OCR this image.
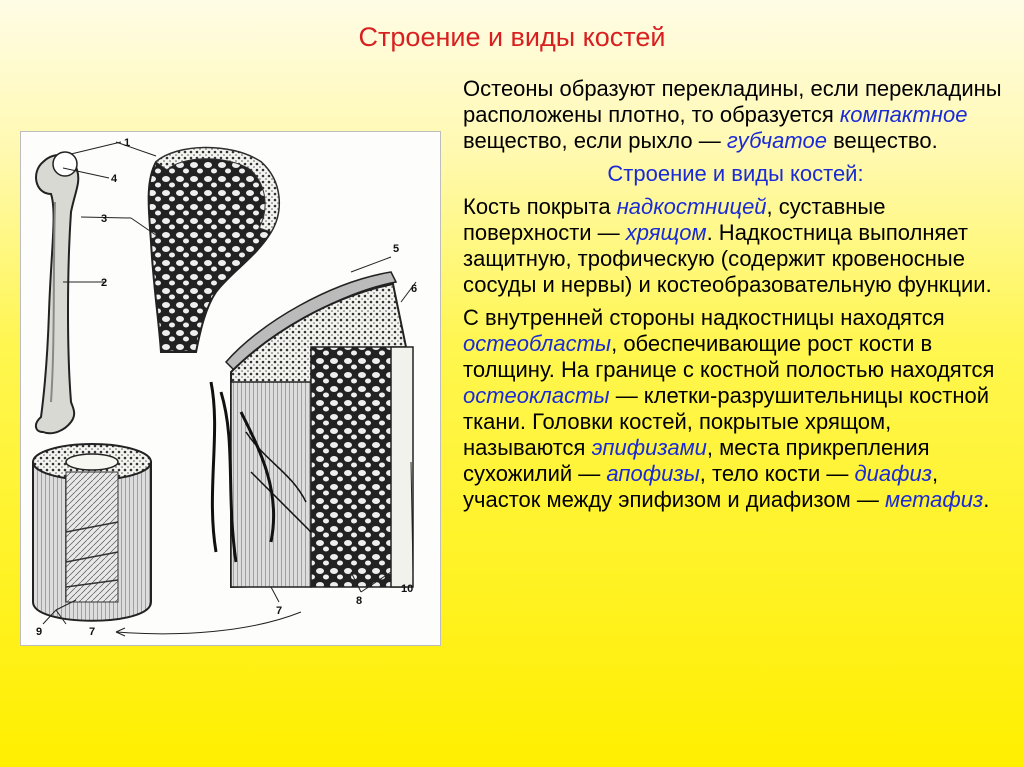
Строение и виды костей
1
4
3
2
5
6
10
8
7
9	7

Остеоны образуют перекладины, если перекладины расположены плотно, то образуется компактное вещество, если рыхло — губчатое вещество.

Строение и виды костей:

Кость покрыта надкостницей, суставные поверхности — хрящом. Надкостница выполняет защитную, трофическую (содержит кровеносные сосуды и нервы) и костеобразовательную функции.

С внутренней стороны надкостницы находятся остеобласты, обеспечивающие рост кости в толщину. На границе с костной полостью находятся остеокласты — клетки-разрушительницы костной ткани. Головки костей, покрытые хрящом, называются эпифизами, места прикрепления сухожилий — апофизы, тело кости — диафиз, участок между эпифизом и диафизом — метафиз.
